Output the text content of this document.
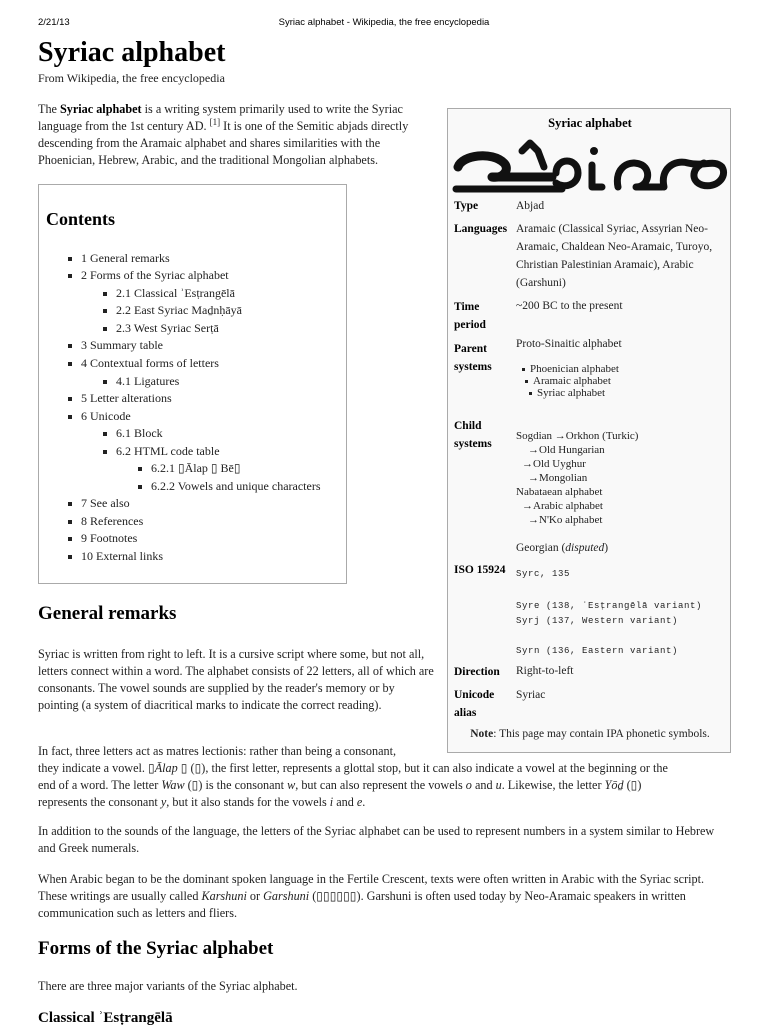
2/21/13	Syriac alphabet - Wikipedia, the free encyclopedia
Syriac alphabet
From Wikipedia, the free encyclopedia

The Syriac alphabet is a writing system primarily used to write the Syriac language from the 1st century AD. [1] It is one of the Semitic abjads directly descending from the Aramaic alphabet and shares similarities with the Phoenician, Hebrew, Arabic, and the traditional Mongolian alphabets.

Contents
1 General remarks
2 Forms of the Syriac alphabet
2.1 Classical ʾEsṭrangēlā
2.2 East Syriac Maḏnḥāyā
2.3 West Syriac Serṭā
3 Summary table
4 Contextual forms of letters
4.1 Ligatures
5 Letter alterations
6 Unicode
6.1 Block
6.2 HTML code table
6.2.1 ▯Ālap ▯ Bē▯
6.2.2 Vowels and unique characters
7 See also
8 References
9 Footnotes
10 External links
General remarks

Syriac is written from right to left. It is a cursive script where some, but not all, letters connect within a word. The alphabet consists of 22 letters, all of which are consonants. The vowel sounds are supplied by the reader's memory or by pointing (a system of diacritical marks to indicate the correct reading).

In fact, three letters act as matres lectionis: rather than being a consonant,
they indicate a vowel. ▯Ālap ▯ (▯), the first letter, represents a glottal stop, but it can also indicate a vowel at the beginning or the
end of a word. The letter Waw (▯) is the consonant w, but can also represent the vowels o and u. Likewise, the letter Yōḏ (▯)
represents the consonant y, but it also stands for the vowels i and e.

In addition to the sounds of the language, the letters of the Syriac alphabet can be used to represent numbers in a system similar to Hebrew and Greek numerals.

When Arabic began to be the dominant spoken language in the Fertile Crescent, texts were often written in Arabic with the Syriac script. These writings are usually called Karshuni or Garshuni (▯▯▯▯▯▯). Garshuni is often used today by Neo-Aramaic speakers in written communication such as letters and fliers.

Forms of the Syriac alphabet

There are three major variants of the Syriac alphabet.

Classical ʾEsṭrangēlā
Syriac alphabet
Type	Abjad
Languages Aramaic (Classical Syriac, Assyrian Neo-Aramaic, Chaldean Neo-Aramaic, Turoyo, Christian Palestinian Aramaic), Arabic (Garshuni)
Time
period
~200 BC to the present
Parent
systems
Proto-Sinaitic alphabet
Phoenician alphabet
Aramaic alphabet
Syriac alphabet
Child
systems
Sogdian →Orkhon (Turkic)
→Old Hungarian
→Old Uyghur
→Mongolian
Nabataean alphabet
→Arabic alphabet
→N'Ko alphabet
Georgian (disputed)
ISO 15924 Syrc, 135
Syre (138, ʾEsṭrangēlā variant)
Syrj (137, Western variant)
Syrn (136, Eastern variant)
Direction Right-to-left
Unicode
alias
Syriac
Note: This page may contain IPA phonetic symbols.
